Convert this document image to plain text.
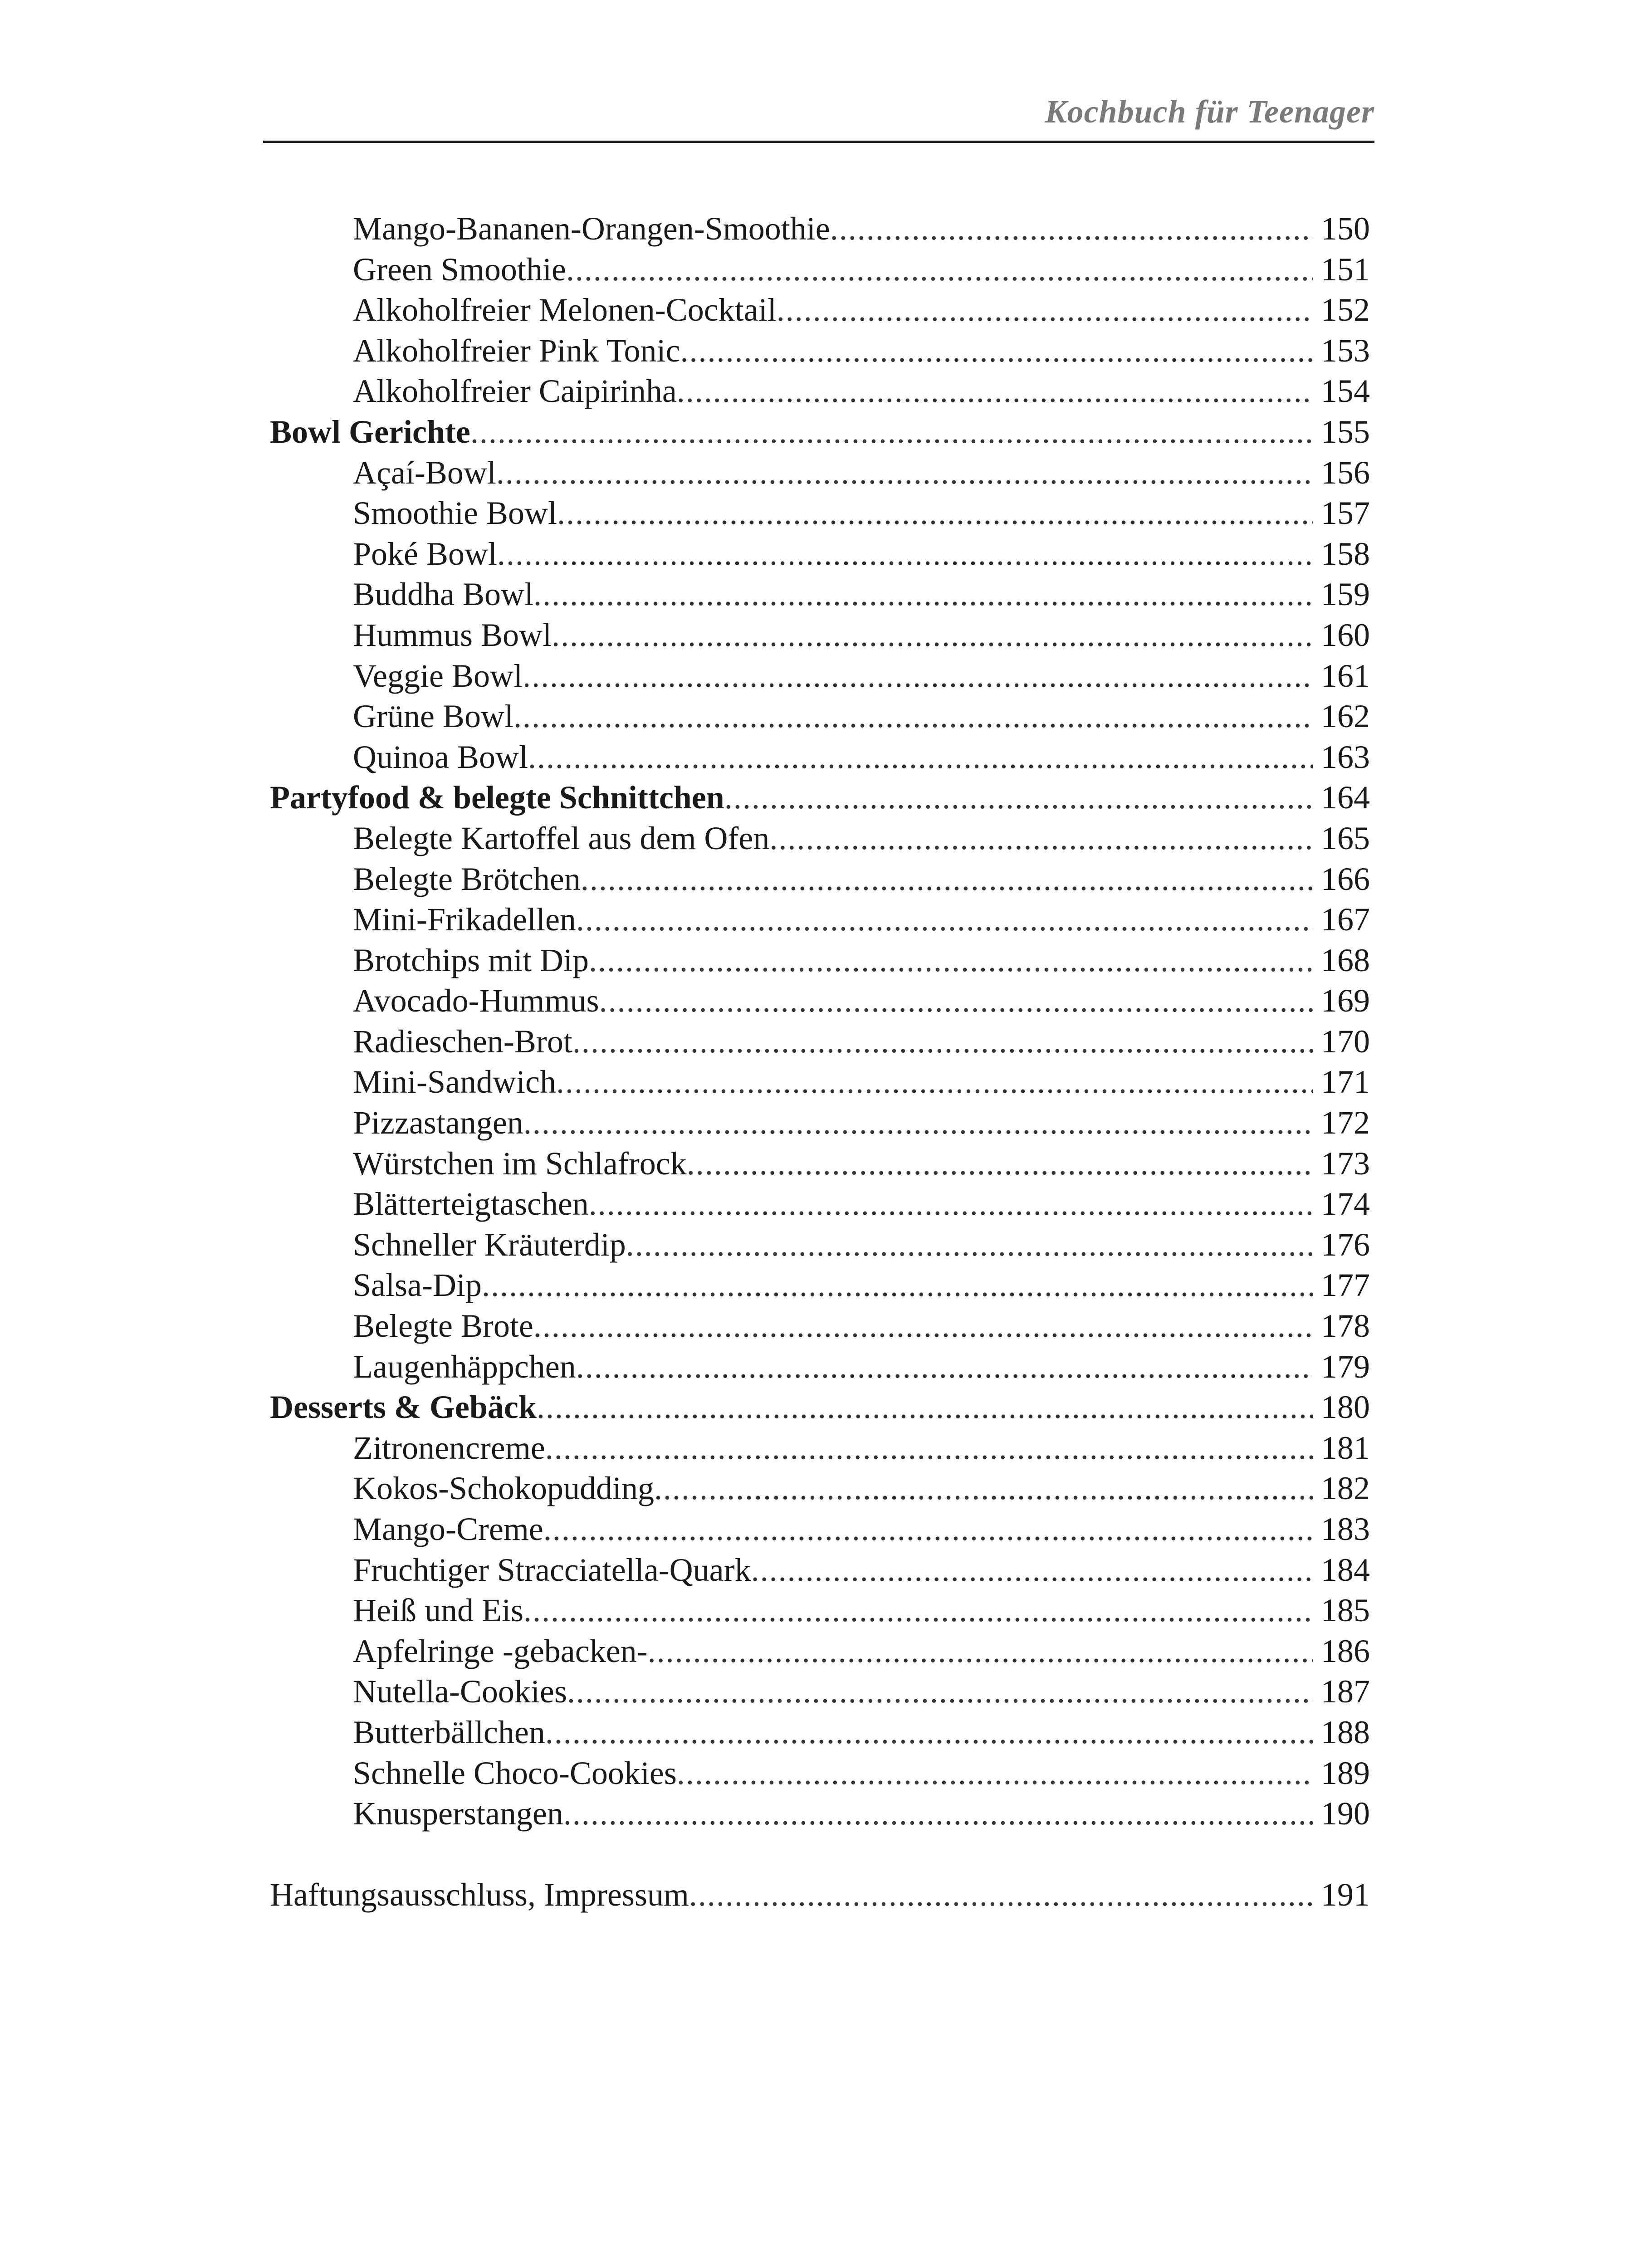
Kochbuch für Teenager
Mango-Bananen-Orangen-Smoothie .....	150
Green Smoothie .....	151
Alkoholfreier Melonen-Cocktail .....	152
Alkoholfreier Pink Tonic .....	153
Alkoholfreier Caipirinha .....	154
Bowl Gerichte .....	155
Açaí-Bowl .....	156
Smoothie Bowl .....	157
Poké Bowl .....	158
Buddha Bowl .....	159
Hummus Bowl .....	160
Veggie Bowl .....	161
Grüne Bowl .....	162
Quinoa Bowl .....	163
Partyfood & belegte Schnittchen .....	164
Belegte Kartoffel aus dem Ofen .....	165
Belegte Brötchen .....	166
Mini-Frikadellen .....	167
Brotchips mit Dip .....	168
Avocado-Hummus .....	169
Radieschen-Brot .....	170
Mini-Sandwich .....	171
Pizzastangen .....	172
Würstchen im Schlafrock .....	173
Blätterteigtaschen .....	174
Schneller Kräuterdip .....	176
Salsa-Dip .....	177
Belegte Brote .....	178
Laugenhäppchen .....	179
Desserts & Gebäck .....	180
Zitronencreme .....	181
Kokos-Schokopudding .....	182
Mango-Creme .....	183
Fruchtiger Stracciatella-Quark .....	184
Heiß und Eis .....	185
Apfelringe -gebacken- .....	186
Nutella-Cookies .....	187
Butterbällchen .....	188
Schnelle Choco-Cookies .....	189
Knusperstangen .....	190
Haftungsausschluss, Impressum .....	191
